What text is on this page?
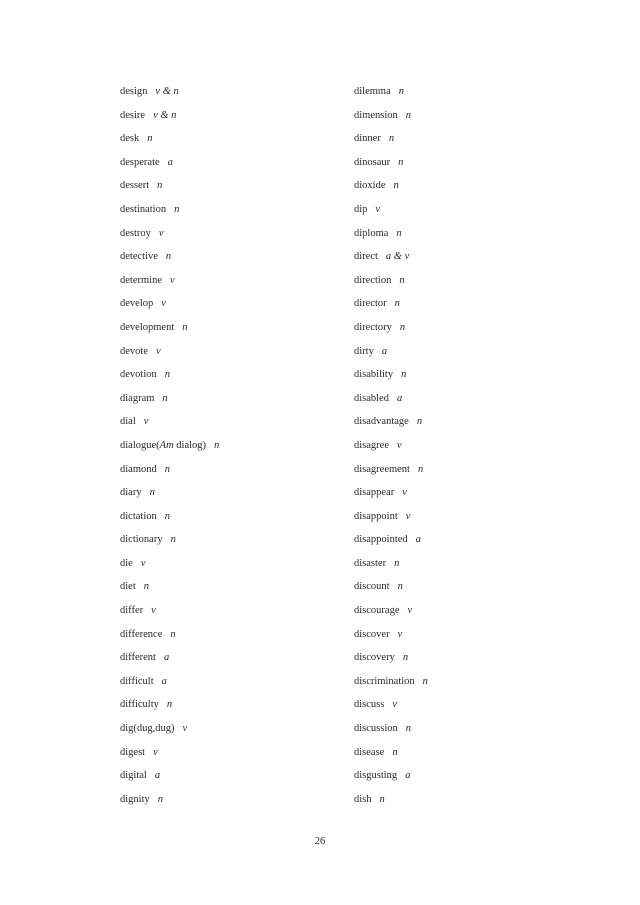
design v & n
desire v & n
desk n
desperate a
dessert n
destination n
destroy v
detective n
determine v
develop v
development n
devote v
devotion n
diagram n
dial v
dialogue(Am dialog) n
diamond n
diary n
dictation n
dictionary n
die v
diet n
differ v
difference n
different a
difficult a
difficulty n
dig(dug,dug) v
digest v
digital a
dignity n
dilemma n
dimension n
dinner n
dinosaur n
dioxide n
dip v
diploma n
direct a & v
direction n
director n
directory n
dirty a
disability n
disabled a
disadvantage n
disagree v
disagreement n
disappear v
disappoint v
disappointed a
disaster n
discount n
discourage v
discover v
discovery n
discrimination n
discuss v
discussion n
disease n
disgusting a
dish n
26
